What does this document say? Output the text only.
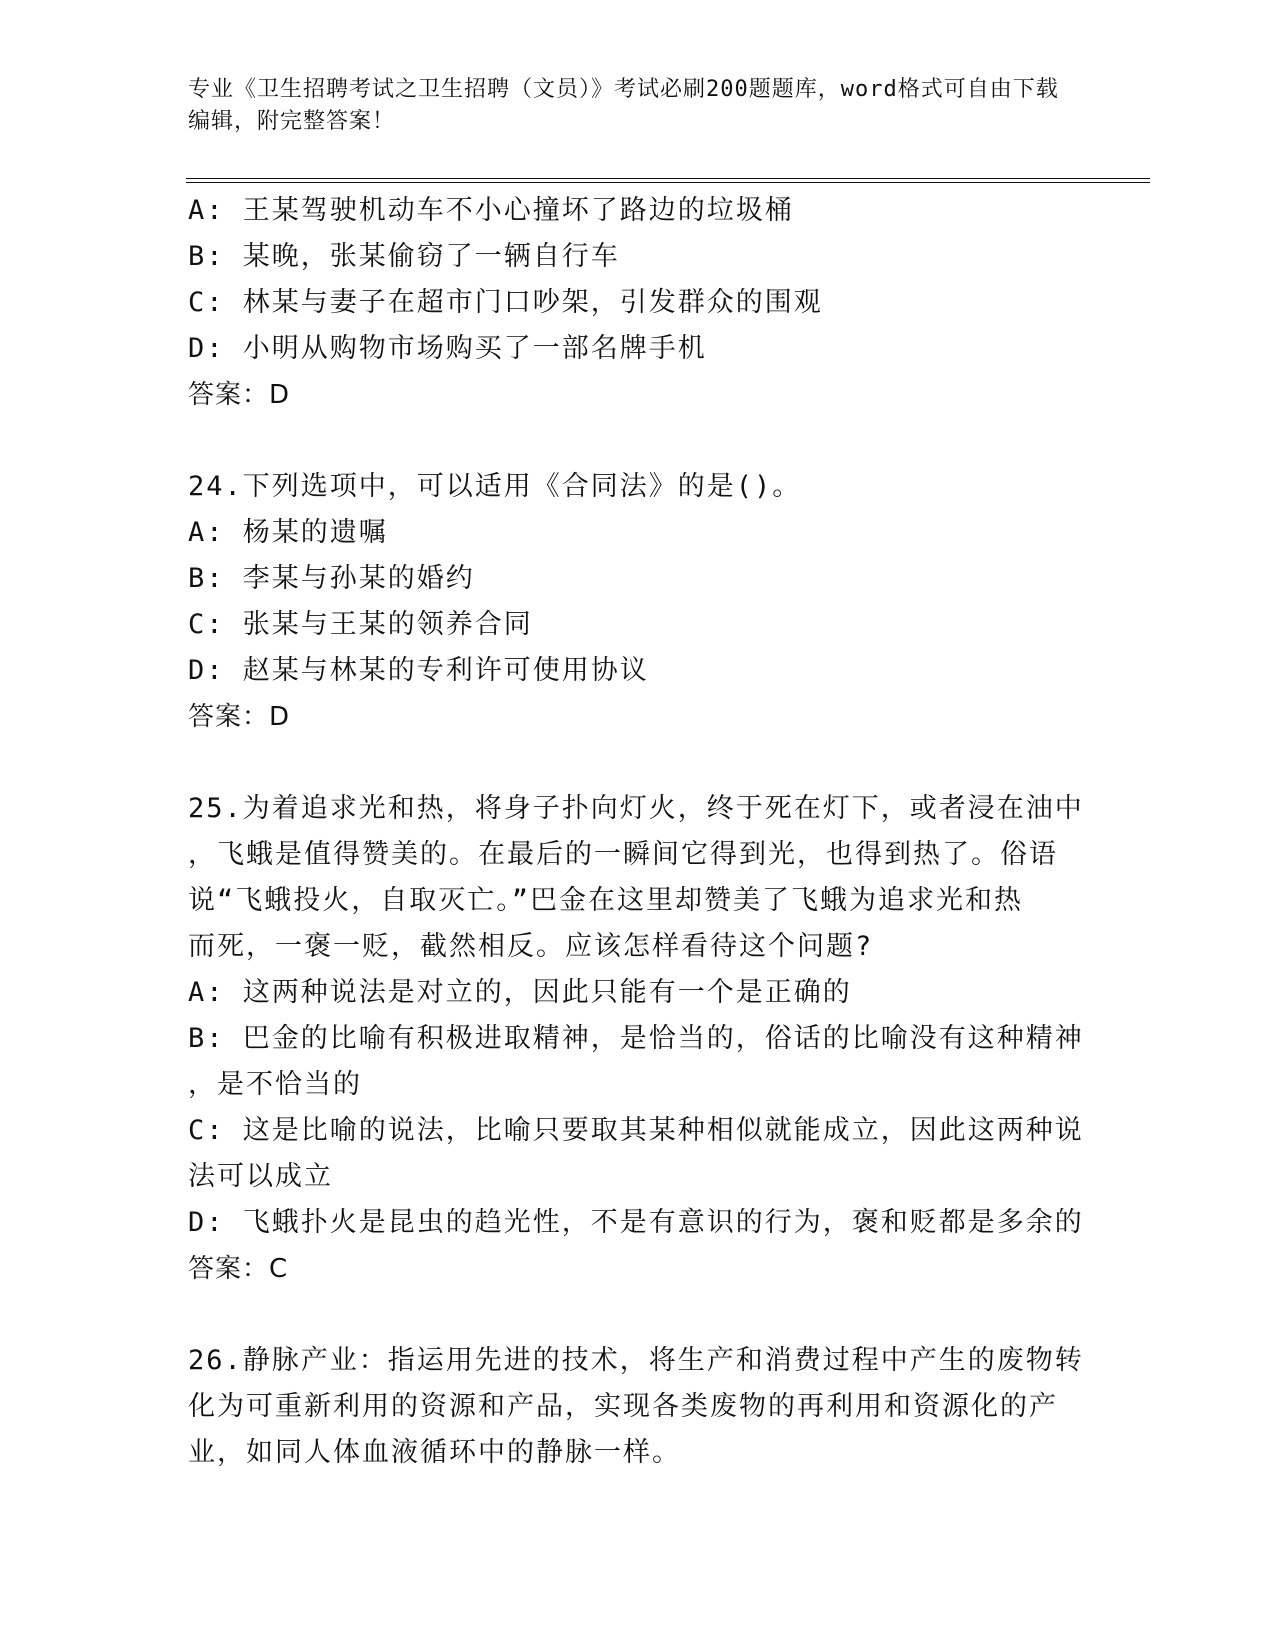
专业《卫生招聘考试之卫生招聘（文员）》考试必刷200题题库，word格式可自由下载编辑，附完整答案！
A: 王某驾驶机动车不小心撞坏了路边的垃圾桶
B: 某晚，张某偷窃了一辆自行车
C: 林某与妻子在超市门口吵架，引发群众的围观
D: 小明从购物市场购买了一部名牌手机
答案：D
24.下列选项中，可以适用《合同法》的是()。
A: 杨某的遗嘱
B: 李某与孙某的婚约
C: 张某与王某的领养合同
D: 赵某与林某的专利许可使用协议
答案：D
25.为着追求光和热，将身子扑向灯火，终于死在灯下，或者浸在油中
，飞蛾是值得赞美的。在最后的一瞬间它得到光，也得到热了。俗语
说“飞蛾投火，自取灭亡。”巴金在这里却赞美了飞蛾为追求光和热
而死，一褒一贬，截然相反。应该怎样看待这个问题?
A: 这两种说法是对立的，因此只能有一个是正确的
B: 巴金的比喻有积极进取精神，是恰当的，俗话的比喻没有这种精神
，是不恰当的
C: 这是比喻的说法，比喻只要取其某种相似就能成立，因此这两种说
法可以成立
D: 飞蛾扑火是昆虫的趋光性，不是有意识的行为，褒和贬都是多余的
答案：C
26.静脉产业：指运用先进的技术，将生产和消费过程中产生的废物转
化为可重新利用的资源和产品，实现各类废物的再利用和资源化的产
业，如同人体血液循环中的静脉一样。
